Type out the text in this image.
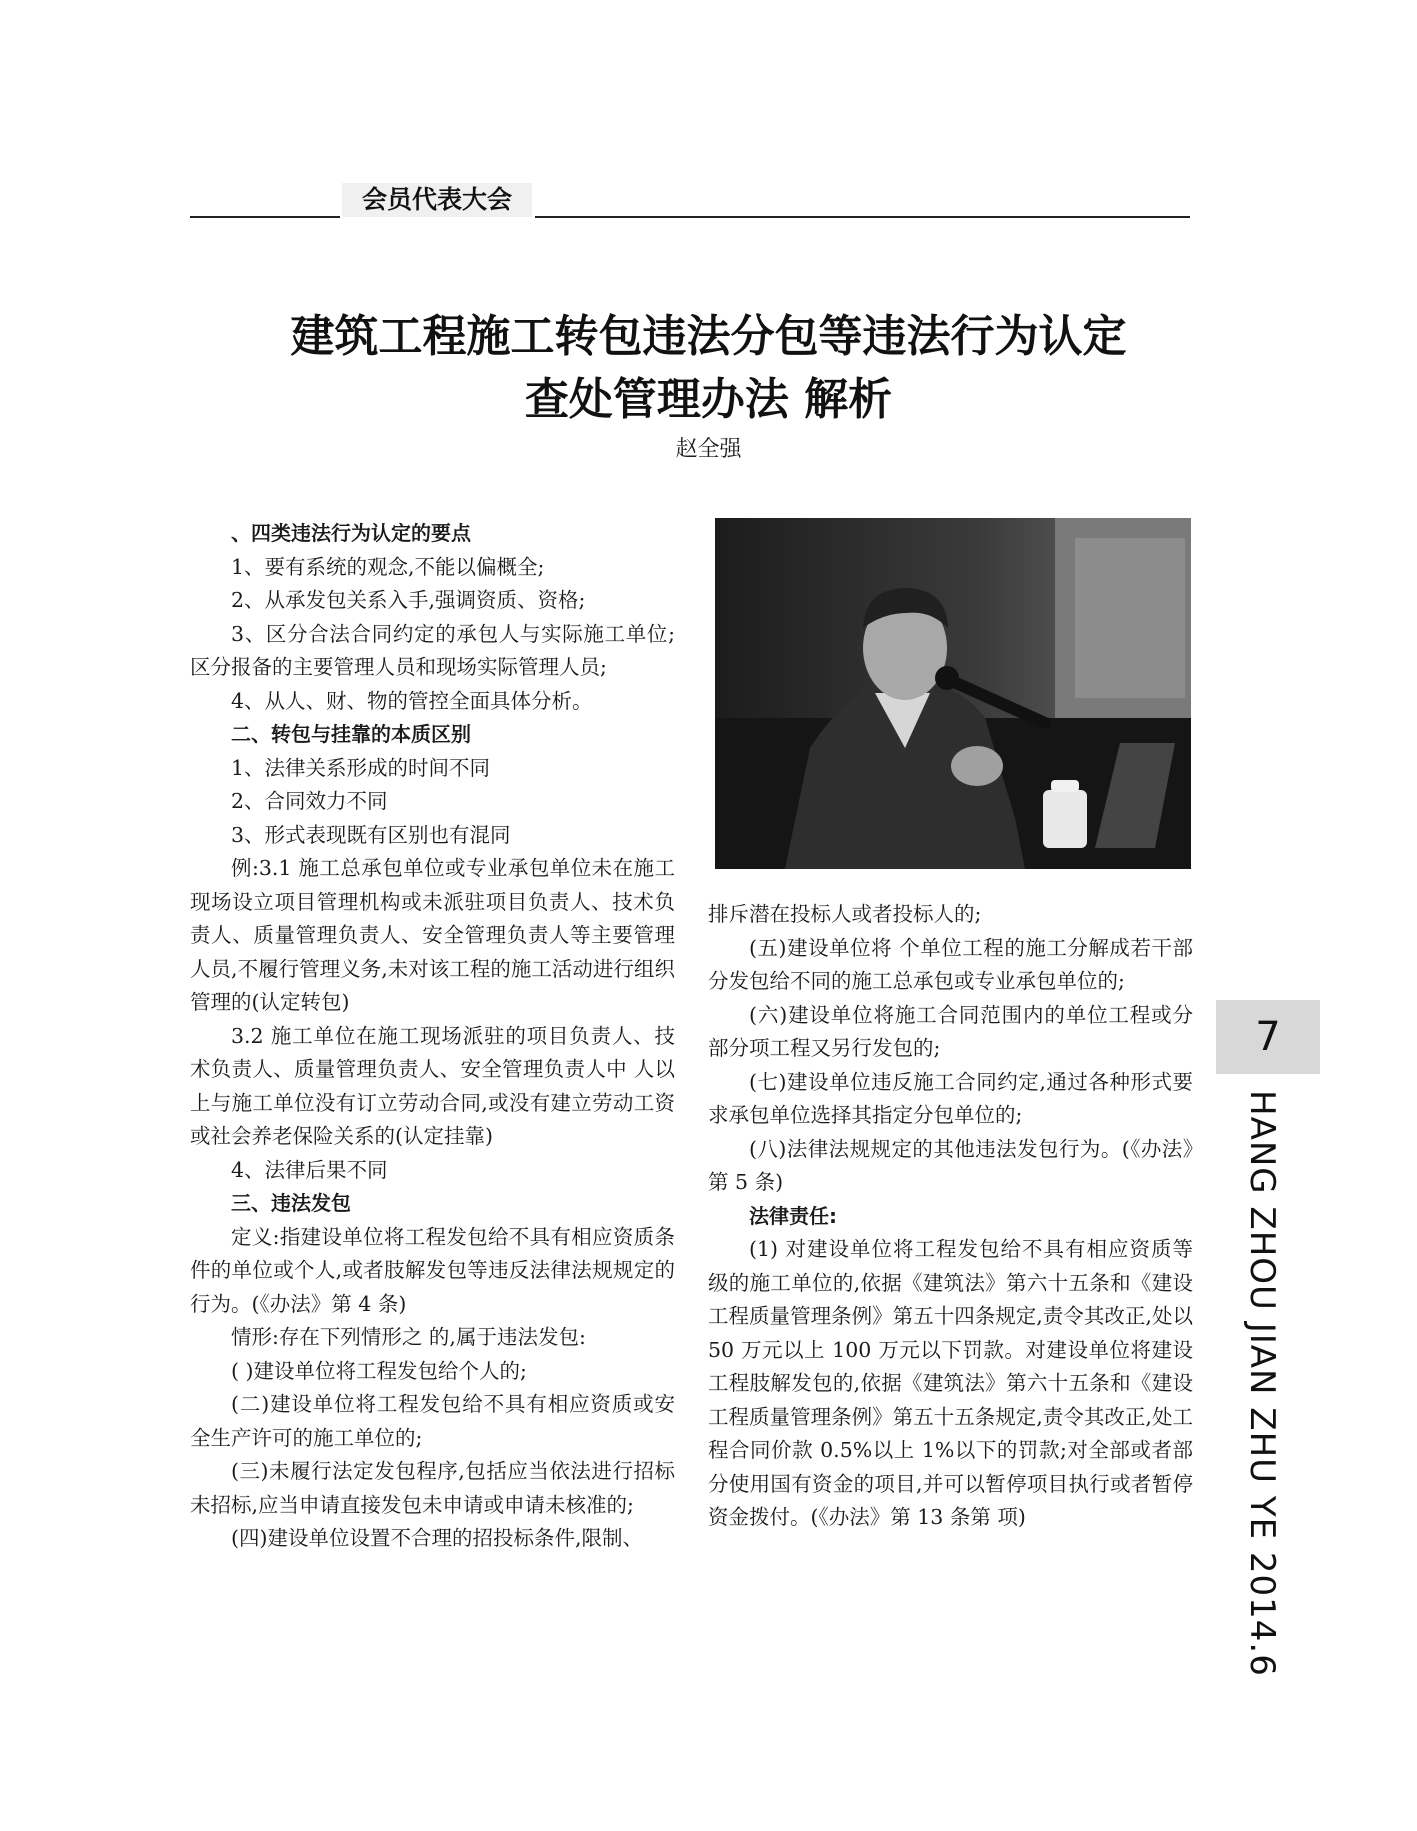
会员代表大会
建筑工程施工转包违法分包等违法行为认定
查处管理办法 解析
赵全强

、四类违法行为认定的要点

1、要有系统的观念,不能以偏概全;

2、从承发包关系入手,强调资质、资格;

3、区分合法合同约定的承包人与实际施工单位;区分报备的主要管理人员和现场实际管理人员;

4、从人、财、物的管控全面具体分析。

二、转包与挂靠的本质区别

1、法律关系形成的时间不同

2、合同效力不同

3、形式表现既有区别也有混同

例:3.1 施工总承包单位或专业承包单位未在施工现场设立项目管理机构或未派驻项目负责人、技术负责人、质量管理负责人、安全管理负责人等主要管理人员,不履行管理义务,未对该工程的施工活动进行组织管理的(认定转包)

3.2 施工单位在施工现场派驻的项目负责人、技术负责人、质量管理负责人、安全管理负责人中 人以上与施工单位没有订立劳动合同,或没有建立劳动工资或社会养老保险关系的(认定挂靠)

4、法律后果不同

三、违法发包

定义:指建设单位将工程发包给不具有相应资质条件的单位或个人,或者肢解发包等违反法律法规规定的行为。(《办法》第 4 条)

情形:存在下列情形之 的,属于违法发包:

( )建设单位将工程发包给个人的;

(二)建设单位将工程发包给不具有相应资质或安全生产许可的施工单位的;

(三)未履行法定发包程序,包括应当依法进行招标未招标,应当申请直接发包未申请或申请未核准的;

(四)建设单位设置不合理的招投标条件,限制、

排斥潜在投标人或者投标人的;

(五)建设单位将 个单位工程的施工分解成若干部分发包给不同的施工总承包或专业承包单位的;

(六)建设单位将施工合同范围内的单位工程或分部分项工程又另行发包的;

(七)建设单位违反施工合同约定,通过各种形式要求承包单位选择其指定分包单位的;

(八)法律法规规定的其他违法发包行为。(《办法》第 5 条)

法律责任:

(1) 对建设单位将工程发包给不具有相应资质等级的施工单位的,依据《建筑法》第六十五条和《建设工程质量管理条例》第五十四条规定,责令其改正,处以 50 万元以上 100 万元以下罚款。对建设单位将建设工程肢解发包的,依据《建筑法》第六十五条和《建设工程质量管理条例》第五十五条规定,责令其改正,处工程合同价款 0.5%以上 1%以下的罚款;对全部或者部分使用国有资金的项目,并可以暂停项目执行或者暂停资金拨付。(《办法》第 13 条第 项)

7
HANG ZHOU JIAN ZHU YE 2014.6
